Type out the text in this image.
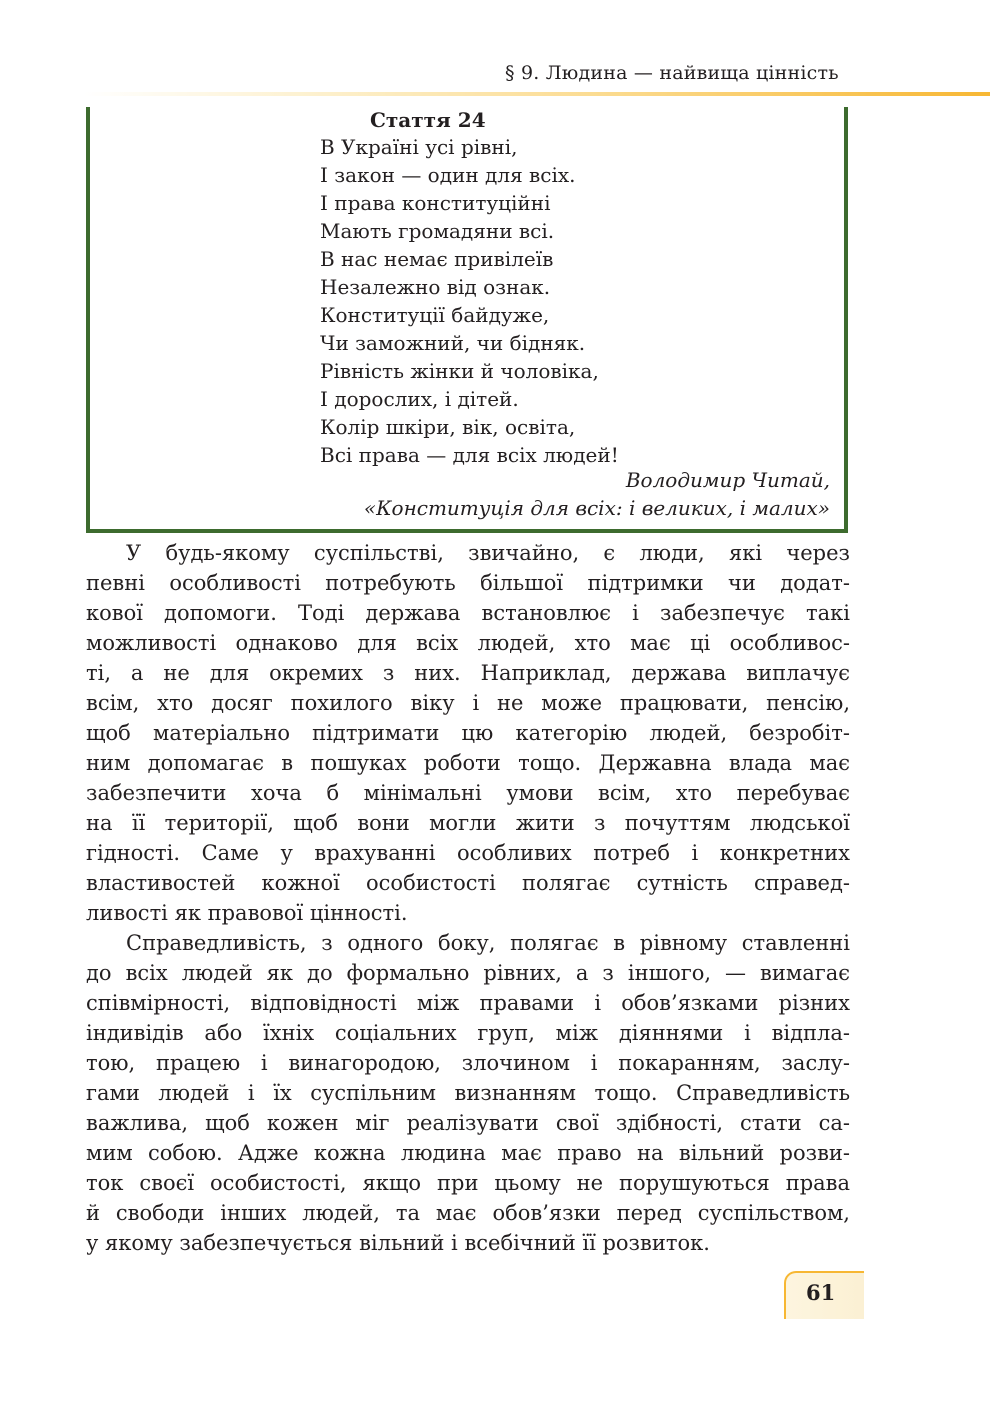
§ 9. Людина — найвища цінність
Стаття 24
В Україні усі рівні,
І закон — один для всіх.
І права конституційні
Мають громадяни всі.
В нас немає привілеїв
Незалежно від ознак.
Конституції байдуже,
Чи заможний, чи бідняк.
Рівність жінки й чоловіка,
І дорослих, і дітей.
Колір шкіри, вік, освіта,
Всі права — для всіх людей!
Володимир Читай,
«Конституція для всіх: і великих, і малих»
У будь-якому суспільстві, звичайно, є люди, які через
певні особливості потребують більшої підтримки чи додат-
кової допомоги. Тоді держава встановлює і забезпечує такі
можливості однаково для всіх людей, хто має ці особливос-
ті, а не для окремих з них. Наприклад, держава виплачує
всім, хто досяг похилого віку і не може працювати, пенсію,
щоб матеріально підтримати цю категорію людей, безробіт-
ним допомагає в пошуках роботи тощо. Державна влада має
забезпечити хоча б мінімальні умови всім, хто перебуває
на її території, щоб вони могли жити з почуттям людської
гідності. Саме у врахуванні особливих потреб і конкретних
властивостей кожної особистості полягає сутність справед-
ливості як правової цінності.
Справедливість, з одного боку, полягає в рівному ставленні
до всіх людей як до формально рівних, а з іншого, — вимагає
співмірності, відповідності між правами і обов’язками різних
індивідів або їхніх соціальних груп, між діяннями і відпла-
тою, працею і винагородою, злочином і покаранням, заслу-
гами людей і їх суспільним визнанням тощо. Справедливість
важлива, щоб кожен міг реалізувати свої здібності, стати са-
мим собою. Адже кожна людина має право на вільний розви-
ток своєї особистості, якщо при цьому не порушуються права
й свободи інших людей, та має обов’язки перед суспільством,
у якому забезпечується вільний і всебічний її розвиток.
61
